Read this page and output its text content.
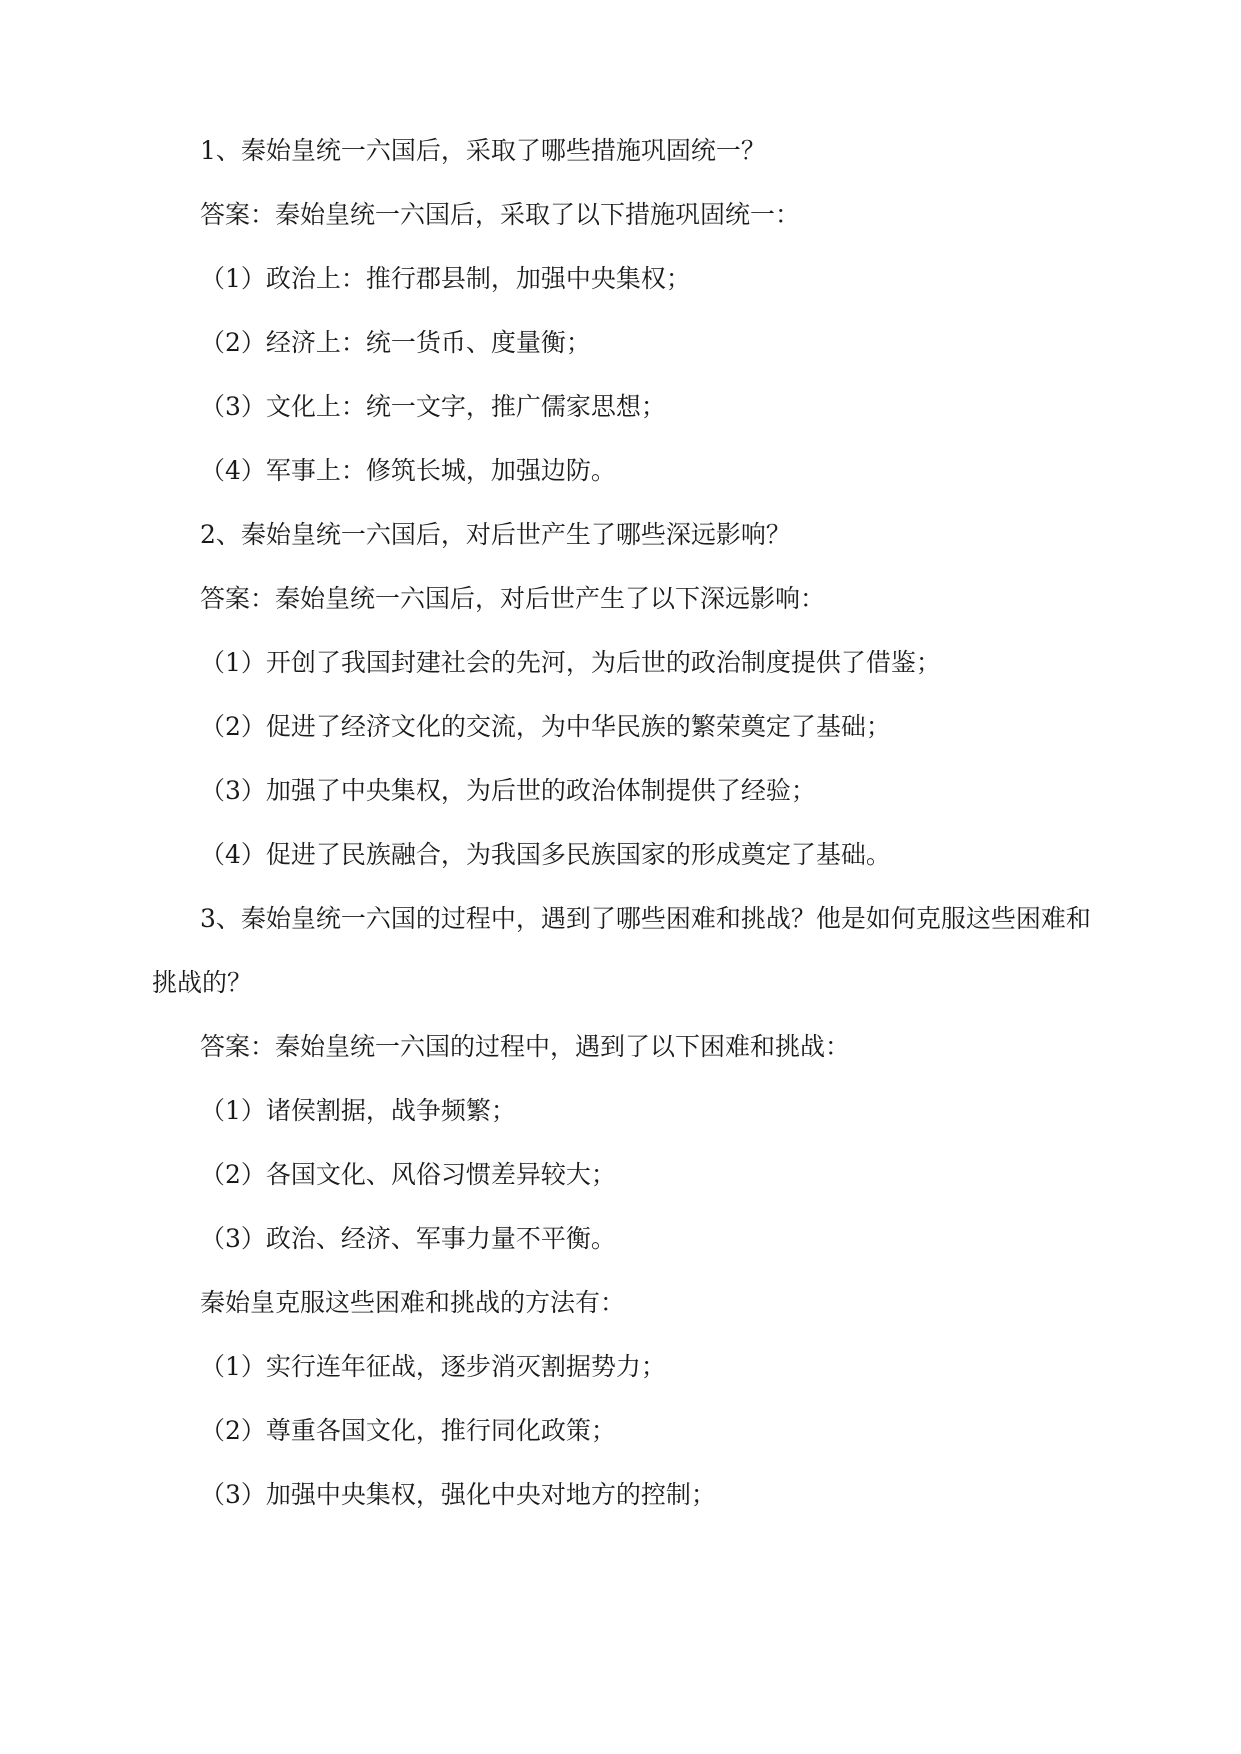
1、秦始皇统一六国后，采取了哪些措施巩固统一？
答案：秦始皇统一六国后，采取了以下措施巩固统一：
（1）政治上：推行郡县制，加强中央集权；
（2）经济上：统一货币、度量衡；
（3）文化上：统一文字，推广儒家思想；
（4）军事上：修筑长城，加强边防。
2、秦始皇统一六国后，对后世产生了哪些深远影响？
答案：秦始皇统一六国后，对后世产生了以下深远影响：
（1）开创了我国封建社会的先河，为后世的政治制度提供了借鉴；
（2）促进了经济文化的交流，为中华民族的繁荣奠定了基础；
（3）加强了中央集权，为后世的政治体制提供了经验；
（4）促进了民族融合，为我国多民族国家的形成奠定了基础。
3、秦始皇统一六国的过程中，遇到了哪些困难和挑战？他是如何克服这些困难和
挑战的？
答案：秦始皇统一六国的过程中，遇到了以下困难和挑战：
（1）诸侯割据，战争频繁；
（2）各国文化、风俗习惯差异较大；
（3）政治、经济、军事力量不平衡。
秦始皇克服这些困难和挑战的方法有：
（1）实行连年征战，逐步消灭割据势力；
（2）尊重各国文化，推行同化政策；
（3）加强中央集权，强化中央对地方的控制；
